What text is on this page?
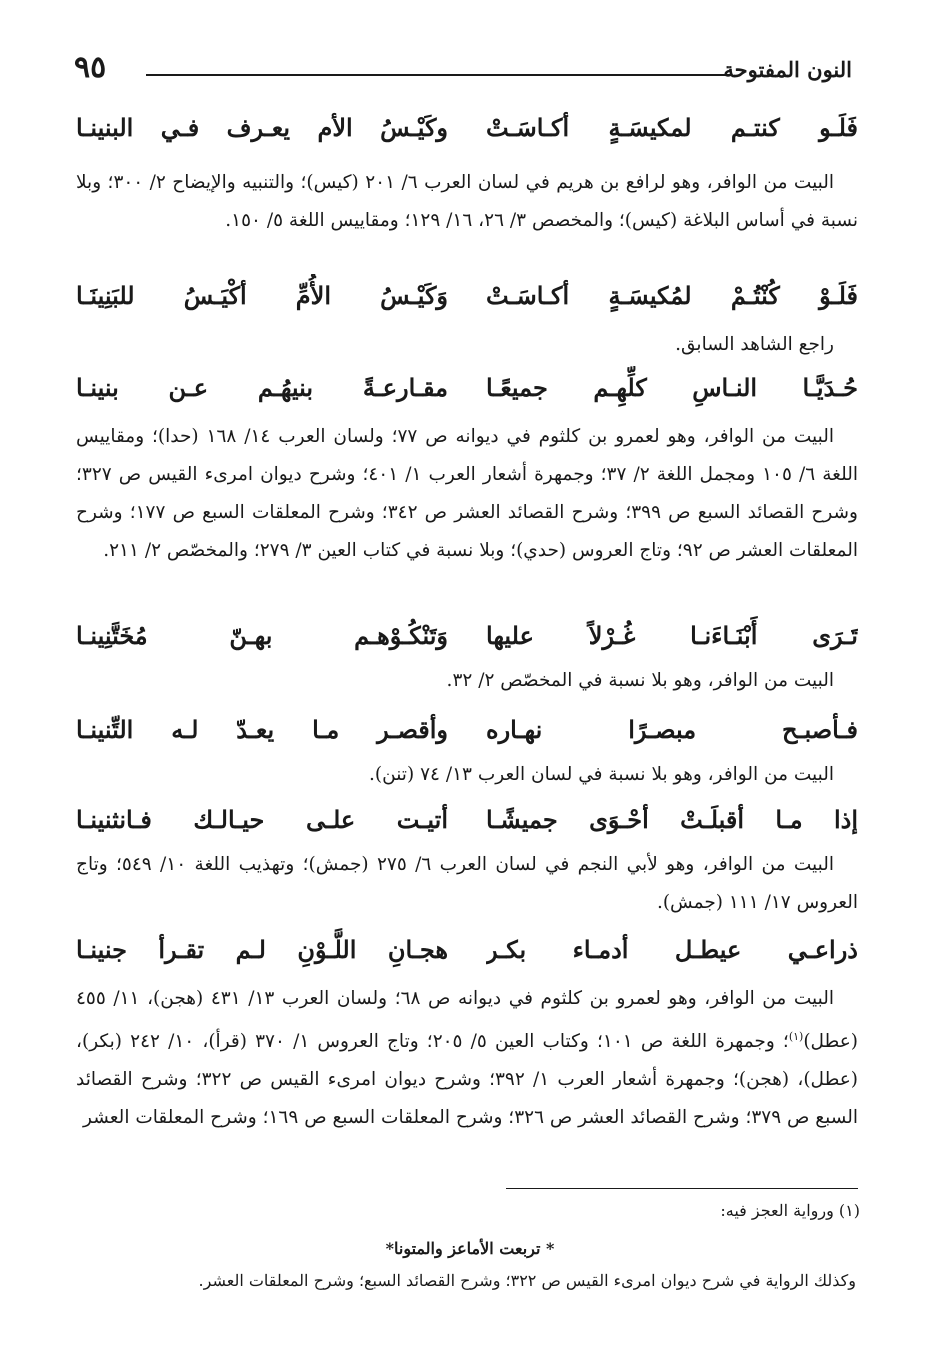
النون المفتوحة
٩٥
فَلَـو كنتـم لمكيسَـةٍ أكـاسَـتْ
وكَيْـسُ الأم يعـرف فـي البنينـا

البيت من الوافر، وهو لرافع بن هريم في لسان العرب ٦/ ٢٠١ (كيس)؛ والتنبيه والإيضاح ٢/ ٣٠٠؛ وبلا نسبة في أساس البلاغة (كيس)؛ والمخصص ٣/ ٢٦، ١٦/ ١٢٩؛ ومقاييس اللغة ٥/ ١٥٠.

فَلَـوْ كُنْتُـمْ لمُكيسَـةٍ أكـاسَـتْ
وَكَيْـسُ الأُمِّ أكْيَـسُ للبَنِينَـا

راجع الشاهد السابق.

حُـدَيَّـا النـاسِ كلِّهِـم جميعًـا
مقـارعـةً بنيهُـم عـن بنينـا

البيت من الوافر، وهو لعمرو بن كلثوم في ديوانه ص ٧٧؛ ولسان العرب ١٤/ ١٦٨ (حدا)؛ ومقاييس اللغة ٦/ ١٠٥ ومجمل اللغة ٢/ ٣٧؛ وجمهرة أشعار العرب ١/ ٤٠١؛ وشرح ديوان امرىء القيس ص ٣٢٧؛ وشرح القصائد السبع ص ٣٩٩؛ وشرح القصائد العشر ص ٣٤٢؛ وشرح المعلقات السبع ص ١٧٧؛ وشرح المعلقات العشر ص ٩٢؛ وتاج العروس (حدي)؛ وبلا نسبة في كتاب العين ٣/ ٢٧٩؛ والمخصّص ٢/ ٢١١.

تَـرَى أَبْنَـاءَنـا غُـرْلاً عليها
وَتَنْكُـوْهـم بهـنّ مُخَتَّنِينـا

البيت من الوافر، وهو بلا نسبة في المخصّص ٢/ ٣٢.

فـأصبـح مبصـرًا نهـاره
وأقصـر مـا يعـدّ لـه التِّنينـا

البيت من الوافر، وهو بلا نسبة في لسان العرب ١٣/ ٧٤ (تنن).

إذا مـا أقبلَـتْ أحْـوَى جميشًـا
أتيـت علـى حيـالـك فـانثنينـا

البيت من الوافر، وهو لأبي النجم في لسان العرب ٦/ ٢٧٥ (جمش)؛ وتهذيب اللغة ١٠/ ٥٤٩؛ وتاج العروس ١٧/ ١١١ (جمش).

ذراعـي عيطـل أدمـاء بكـر
هجـانِ اللَّـوْنِ لـم تقـرأ جنينـا

البيت من الوافر، وهو لعمرو بن كلثوم في ديوانه ص ٦٨؛ ولسان العرب ١٣/ ٤٣١ (هجن)، ١١/ ٤٥٥ (عطل)$^{(١)}$؛ وجمهرة اللغة ص ١٠١؛ وكتاب العين ٥/ ٢٠٥؛ وتاج العروس ١/ ٣٧٠ (قرأ)، ١٠/ ٢٤٢ (بكر)، (عطل)، (هجن)؛ وجمهرة أشعار العرب ١/ ٣٩٢؛ وشرح ديوان امرىء القيس ص ٣٢٢؛ وشرح القصائد السبع ص ٣٧٩؛ وشرح القصائد العشر ص ٣٢٦؛ وشرح المعلقات السبع ص ١٦٩؛ وشرح المعلقات العشر

(١) ورواية العجز فيه:
* تربعت الأماعز والمتونا*
وكذلك الرواية في شرح ديوان امرىء القيس ص ٣٢٢؛ وشرح القصائد السبع؛ وشرح المعلقات العشر.
